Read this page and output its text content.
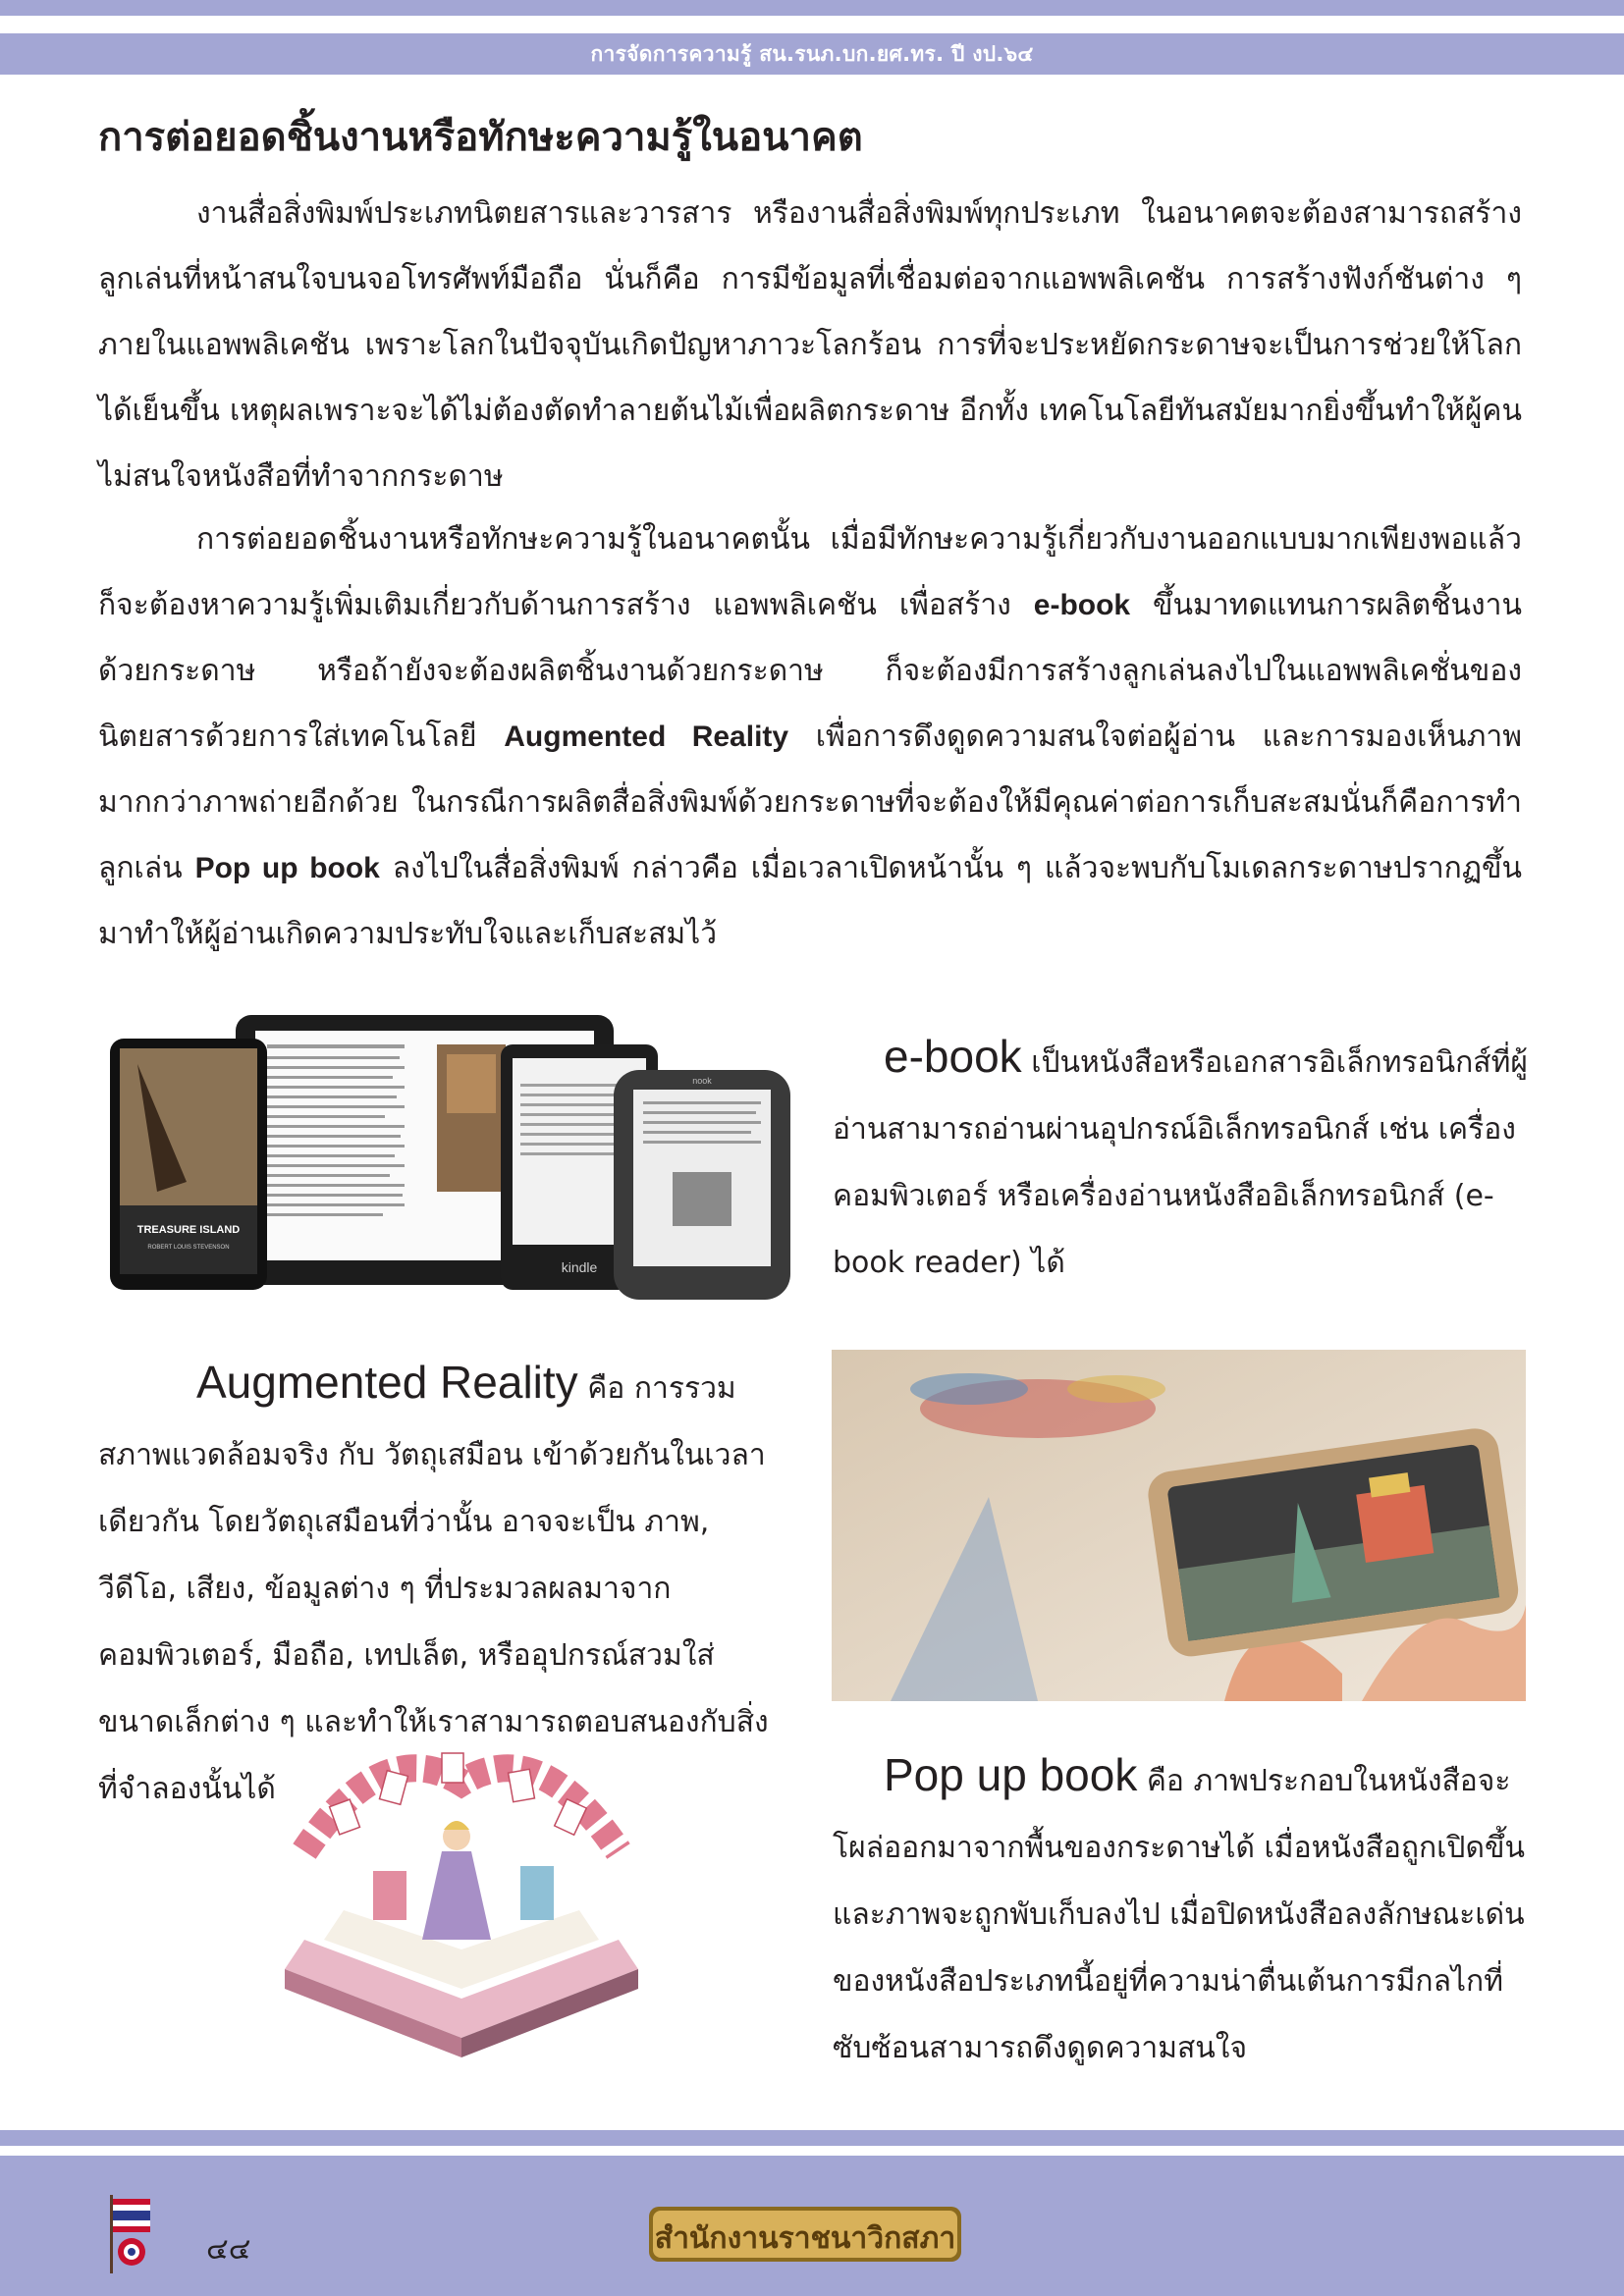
การจัดการความรู้ สน.รนภ.บก.ยศ.ทร. ปี งป.๖๔
การต่อยอดชิ้นงานหรือทักษะความรู้ในอนาคต

งานสื่อสิ่งพิมพ์ประเภทนิตยสารและวารสาร หรืองานสื่อสิ่งพิมพ์ทุกประเภท ในอนาคตจะต้องสามารถสร้างลูกเล่นที่หน้าสนใจบนจอโทรศัพท์มือถือ นั่นก็คือ การมีข้อมูลที่เชื่อมต่อจากแอพพลิเคชัน การสร้างฟังก์ชันต่าง ๆ ภายในแอพพลิเคชัน เพราะโลกในปัจจุบันเกิดปัญหาภาวะโลกร้อน การที่จะประหยัดกระดาษจะเป็นการช่วยให้โลกได้เย็นขึ้น เหตุผลเพราะจะได้ไม่ต้องตัดทำลายต้นไม้เพื่อผลิตกระดาษ อีกทั้ง เทคโนโลยีทันสมัยมากยิ่งขึ้นทำให้ผู้คนไม่สนใจหนังสือที่ทำจากกระดาษ

การต่อยอดชิ้นงานหรือทักษะความรู้ในอนาคตนั้น เมื่อมีทักษะความรู้เกี่ยวกับงานออกแบบมากเพียงพอแล้วก็จะต้องหาความรู้เพิ่มเติมเกี่ยวกับด้านการสร้าง แอพพลิเคชัน เพื่อสร้าง e-book ขึ้นมาทดแทนการผลิตชิ้นงานด้วยกระดาษ หรือถ้ายังจะต้องผลิตชิ้นงานด้วยกระดาษ ก็จะต้องมีการสร้างลูกเล่นลงไปในแอพพลิเคชั่นของนิตยสารด้วยการใส่เทคโนโลยี Augmented Reality เพื่อการดึงดูดความสนใจต่อผู้อ่าน และการมองเห็นภาพมากกว่าภาพถ่ายอีกด้วย ในกรณีการผลิตสื่อสิ่งพิมพ์ด้วยกระดาษที่จะต้องให้มีคุณค่าต่อการเก็บสะสมนั่นก็คือการทำลูกเล่น Pop up book ลงไปในสื่อสิ่งพิมพ์ กล่าวคือ เมื่อเวลาเปิดหน้านั้น ๆ แล้วจะพบกับโมเดลกระดาษปรากฏขึ้นมาทำให้ผู้อ่านเกิดความประทับใจและเก็บสะสมไว้

TREASURE ISLAND
ROBERT LOUIS STEVENSON
kindle
nook	e-book เป็นหนังสือหรือเอกสารอิเล็กทรอนิกส์ที่ผู้อ่านสามารถอ่านผ่านอุปกรณ์อิเล็กทรอนิกส์ เช่น เครื่องคอมพิวเตอร์ หรือเครื่องอ่านหนังสืออิเล็กทรอนิกส์ (e-book reader) ได้

Augmented Reality คือ การรวมสภาพแวดล้อมจริง กับ วัตถุเสมือน เข้าด้วยกันในเวลาเดียวกัน โดยวัตถุเสมือนที่ว่านั้น อาจจะเป็น ภาพ, วีดีโอ, เสียง, ข้อมูลต่าง ๆ ที่ประมวลผลมาจากคอมพิวเตอร์, มือถือ, เทปเล็ต, หรืออุปกรณ์สวมใส่ขนาดเล็กต่าง ๆ และทำให้เราสามารถตอบสนองกับสิ่งที่จำลองนั้นได้	Pop up book คือ ภาพประกอบในหนังสือจะโผล่ออกมาจากพื้นของกระดาษได้ เมื่อหนังสือถูกเปิดขึ้นและภาพจะถูกพับเก็บลงไป เมื่อปิดหนังสือลงลักษณะเด่นของหนังสือประเภทนี้อยู่ที่ความน่าตื่นเต้นการมีกลไกที่ซับซ้อนสามารถดึงดูดความสนใจ

๔๔	สำนักงานราชนาวิกสภา
